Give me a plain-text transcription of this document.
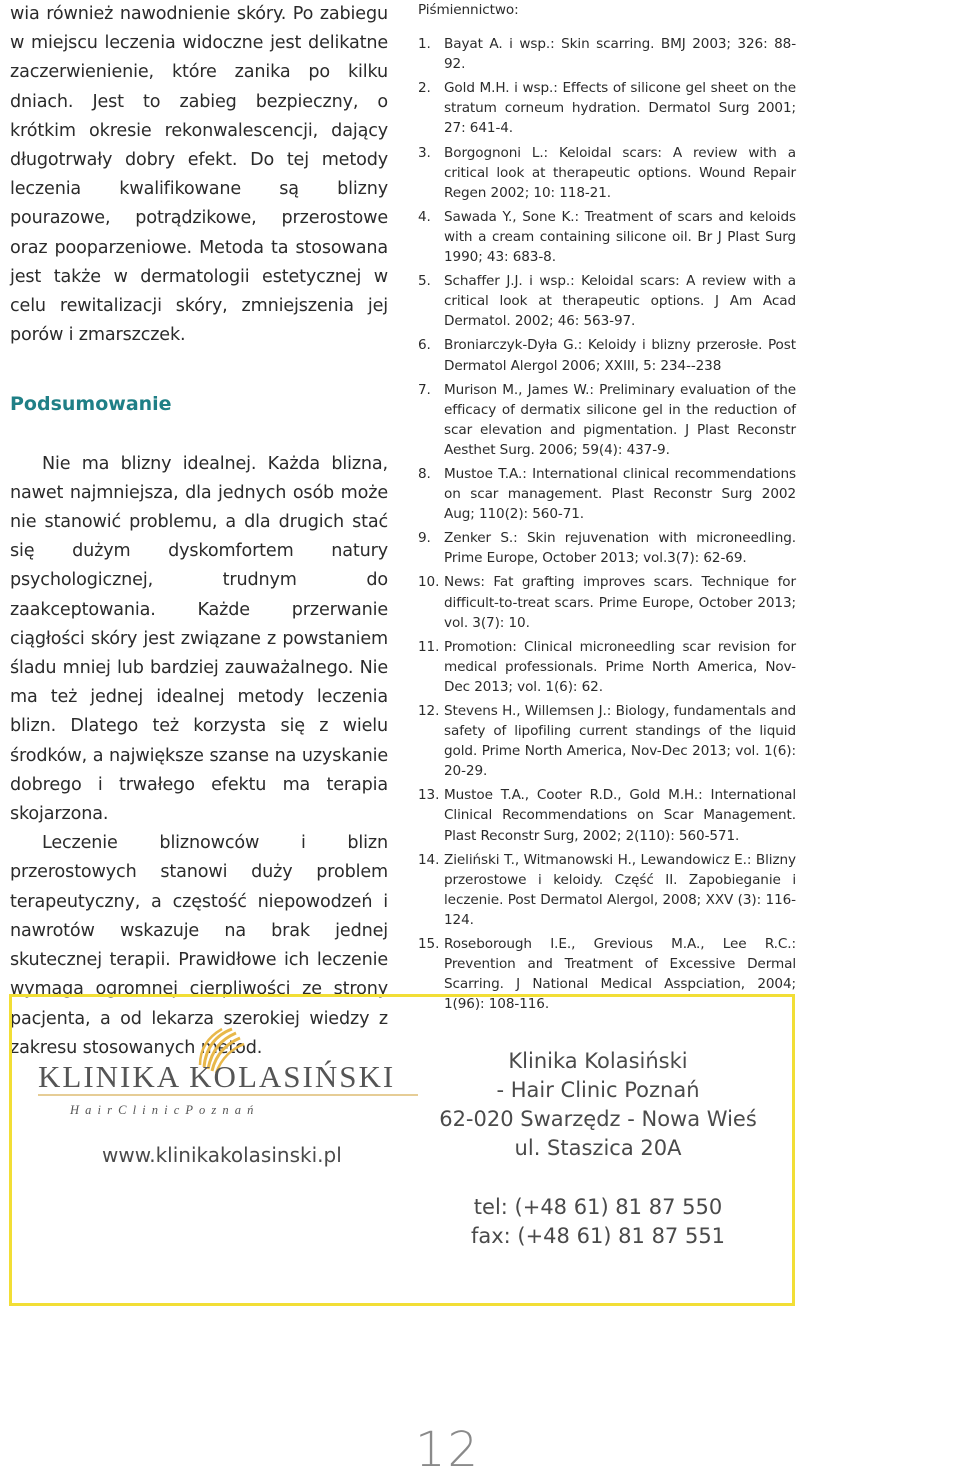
wia również nawodnienie skóry. Po zabiegu w miejscu leczenia widoczne jest delikatne zaczerwienienie, które zanika po kilku dniach. Jest to zabieg bezpieczny, o krótkim okresie rekonwalescencji, dający długotrwały dobry efekt. Do tej metody leczenia kwalifikowane są blizny pourazowe, potrądzikowe, przerostowe oraz pooparzeniowe. Metoda ta stosowana jest także w dermatologii estetycznej w celu rewitalizacji skóry, zmniejszenia jej porów i zmarszczek.

Podsumowanie

Nie ma blizny idealnej. Każda blizna, nawet najmniejsza, dla jednych osób może nie stanowić problemu, a dla drugich stać się dużym dyskomfortem natury psychologicznej, trudnym do zaakceptowania. Każde przerwanie ciągłości skóry jest związane z powstaniem śladu mniej lub bardziej zauważalnego. Nie ma też jednej idealnej metody leczenia blizn. Dlatego też korzysta się z wielu środków, a największe szanse na uzyskanie dobrego i trwałego efektu ma terapia skojarzona.

Leczenie bliznowców i blizn przerostowych stanowi duży problem terapeutyczny, a częstość niepowodzeń i nawrotów wskazuje na brak jednej skutecznej terapii. Prawidłowe ich leczenie wymaga ogromnej cierpliwości ze strony pacjenta, a od lekarza szerokiej wiedzy z zakresu stosowanych metod.

Piśmiennictwo:

1. Bayat A. i wsp.: Skin scarring. BMJ 2003; 326: 88-92.
2. Gold M.H. i wsp.: Effects of silicone gel sheet on the stratum corneum hydration. Dermatol Surg 2001; 27: 641-4.
3. Borgognoni L.: Keloidal scars: A review with a critical look at therapeutic options. Wound Repair Regen 2002; 10: 118-21.
4. Sawada Y., Sone K.: Treatment of scars and keloids with a cream containing silicone oil. Br J Plast Surg 1990; 43: 683-8.
5. Schaffer J.J. i wsp.: Keloidal scars: A review with a critical look at therapeutic options. J Am Acad Dermatol. 2002; 46: 563-97.
6. Broniarczyk-Dyła G.: Keloidy i blizny przerosłe. Post Dermatol Alergol 2006; XXIII, 5: 234--238
7. Murison M., James W.: Preliminary evaluation of the efficacy of dermatix silicone gel in the reduction of scar elevation and pigmentation. J Plast Reconstr Aesthet Surg. 2006; 59(4): 437-9.
8. Mustoe T.A.: International clinical recommendations on scar management. Plast Reconstr Surg 2002 Aug; 110(2): 560-71.
9. Zenker S.: Skin rejuvenation with microneedling. Prime Europe, October 2013; vol.3(7): 62-69.
10. News: Fat grafting improves scars. Technique for difficult-to-treat scars. Prime Europe, October 2013; vol. 3(7): 10.
11. Promotion: Clinical microneedling scar revision for medical professionals. Prime North America, Nov-Dec 2013; vol. 1(6): 62.
12. Stevens H., Willemsen J.: Biology, fundamentals and safety of lipofiling current standings of the liquid gold. Prime North America, Nov-Dec 2013; vol. 1(6): 20-29.
13. Mustoe T.A., Cooter R.D., Gold M.H.: International Clinical Recommendations on Scar Management. Plast Reconstr Surg, 2002; 2(110): 560-571.
14. Zieliński T., Witmanowski H., Lewandowicz E.: Blizny przerostowe i keloidy. Część II. Zapobieganie i leczenie. Post Dermatol Alergol, 2008; XXV (3): 116-124.
15. Roseborough I.E., Grevious M.A., Lee R.C.: Prevention and Treatment of Excessive Dermal Scarring. J National Medical Asspciation, 2004; 1(96): 108-116.
KLINIKA KOLASIŃSKI
H a i r C l i n i c P o z n a ń
www.klinikakolasinski.pl
Klinika Kolasiński
- Hair Clinic Poznań
62-020 Swarzędz - Nowa Wieś
ul. Staszica 20A
tel: (+48 61) 81 87 550
fax: (+48 61) 81 87 551
12
